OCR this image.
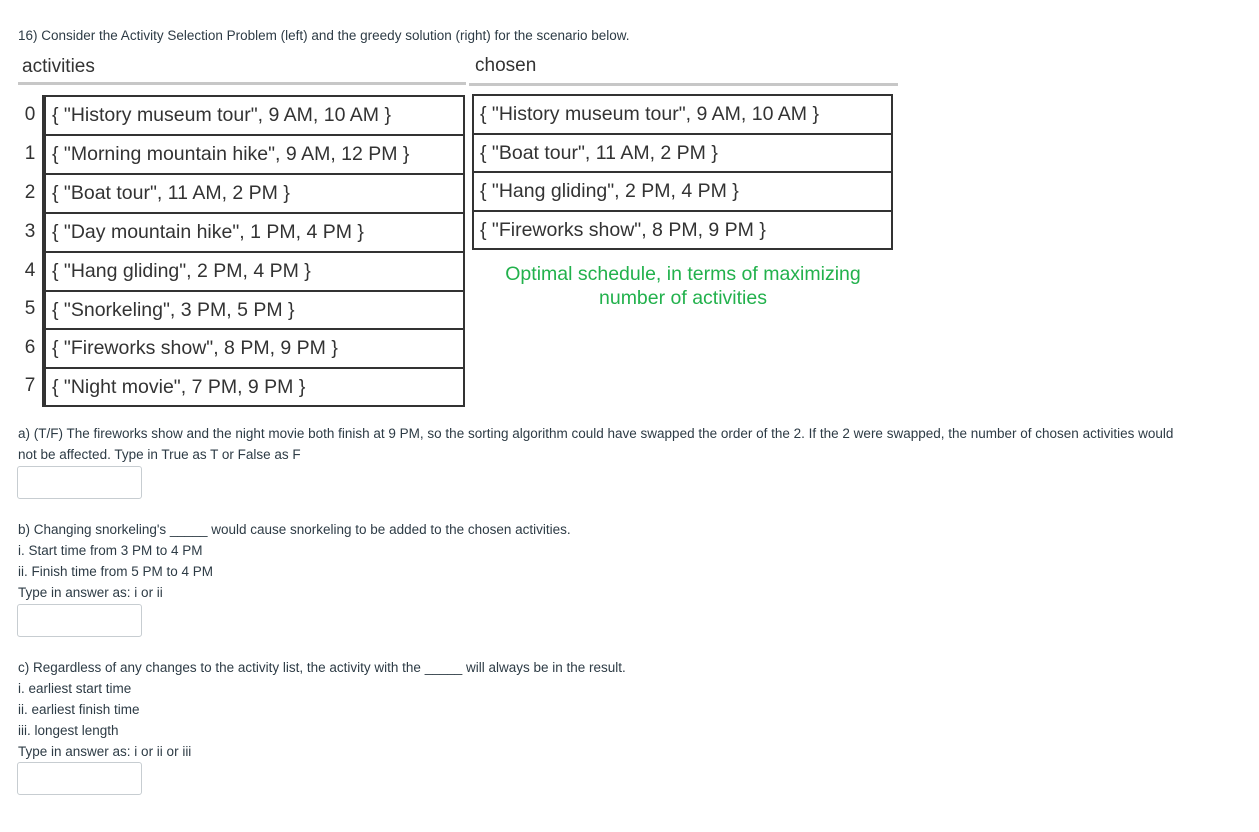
16) Consider the Activity Selection Problem (left) and the greedy solution (right) for the scenario below.
activities	chosen
0 { "History museum tour", 9 AM, 10 AM }
1 { "Morning mountain hike", 9 AM, 12 PM }
2 { "Boat tour", 11 AM, 2 PM }
3 { "Day mountain hike", 1 PM, 4 PM }
4 { "Hang gliding", 2 PM, 4 PM }
5 { "Snorkeling", 3 PM, 5 PM }
6 { "Fireworks show", 8 PM, 9 PM }
7 { "Night movie", 7 PM, 9 PM }
{ "History museum tour", 9 AM, 10 AM }
{ "Boat tour", 11 AM, 2 PM }
{ "Hang gliding", 2 PM, 4 PM }
{ "Fireworks show", 8 PM, 9 PM }
Optimal schedule, in terms of maximizing
number of activities
a) (T/F) The fireworks show and the night movie both finish at 9 PM, so the sorting algorithm could have swapped the order of the 2. If the 2 were swapped, the number of chosen activities would
not be affected. Type in True as T or False as F
b) Changing snorkeling's _____ would cause snorkeling to be added to the chosen activities.
i. Start time from 3 PM to 4 PM
ii. Finish time from 5 PM to 4 PM
Type in answer as: i or ii
c) Regardless of any changes to the activity list, the activity with the _____ will always be in the result.
i. earliest start time
ii. earliest finish time
iii. longest length
Type in answer as: i or ii or iii
